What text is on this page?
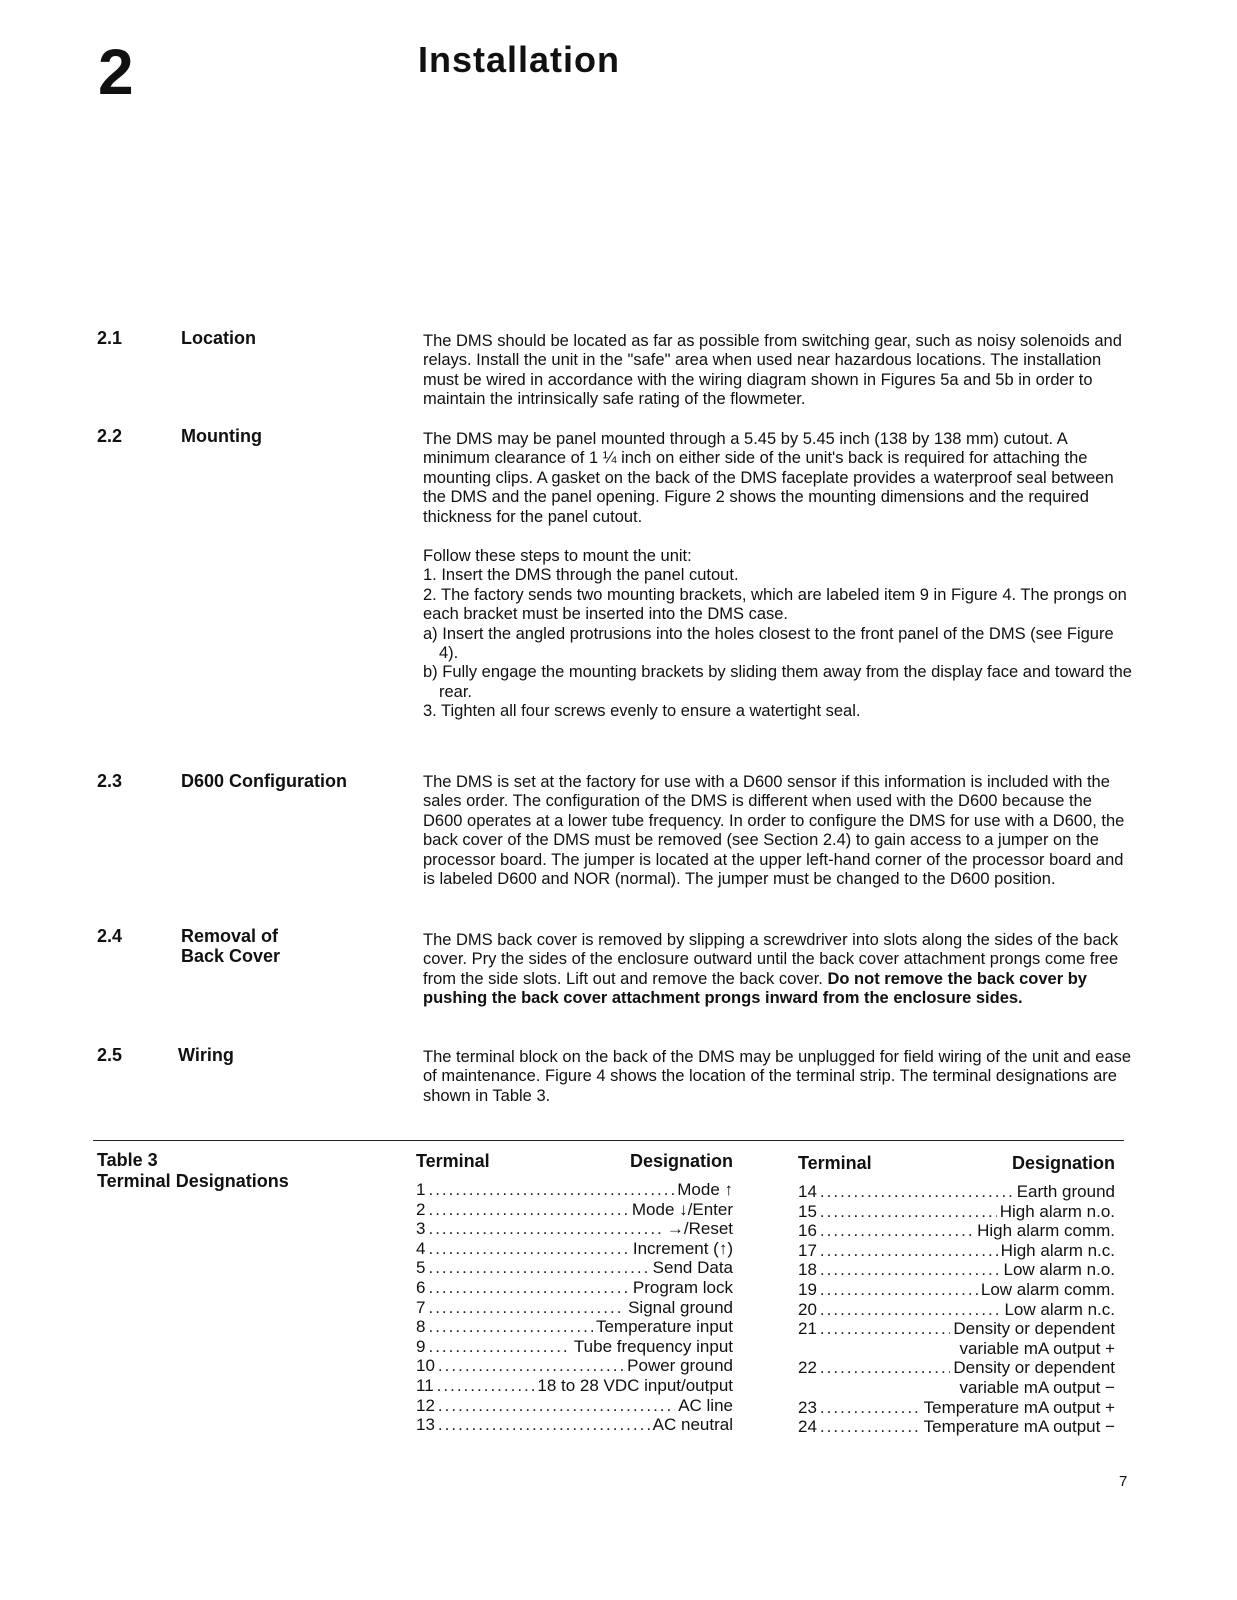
2	Installation
2.1	Location	The DMS should be located as far as possible from switching gear, such as noisy solenoids and relays. Install the unit in the "safe" area when used near hazardous locations. The installation must be wired in accordance with the wiring diagram shown in Figures 5a and 5b in order to maintain the intrinsically safe rating of the flowmeter.

2.2	Mounting	The DMS may be panel mounted through a 5.45 by 5.45 inch (138 by 138 mm) cutout. A minimum clearance of 1 ¼ inch on either side of the unit's back is required for attaching the mounting clips. A gasket on the back of the DMS faceplate provides a waterproof seal between the DMS and the panel opening. Figure 2 shows the mounting dimensions and the required thickness for the panel cutout.

Follow these steps to mount the unit:

1. Insert the DMS through the panel cutout.

2. The factory sends two mounting brackets, which are labeled item 9 in Figure 4. The prongs on each bracket must be inserted into the DMS case.

a) Insert the angled protrusions into the holes closest to the front panel of the DMS (see Figure 4).

b) Fully engage the mounting brackets by sliding them away from the display face and toward the rear.

3. Tighten all four screws evenly to ensure a watertight seal.

2.3	D600 Configuration	The DMS is set at the factory for use with a D600 sensor if this information is included with the sales order. The configuration of the DMS is different when used with the D600 because the D600 operates at a lower tube frequency. In order to configure the DMS for use with a D600, the back cover of the DMS must be removed (see Section 2.4) to gain access to a jumper on the processor board. The jumper is located at the upper left-hand corner of the processor board and is labeled D600 and NOR (normal). The jumper must be changed to the D600 position.

2.4	Removal of
Back Cover

The DMS back cover is removed by slipping a screwdriver into slots along the sides of the back cover. Pry the sides of the enclosure outward until the back cover attachment prongs come free from the side slots. Lift out and remove the back cover. Do not remove the back cover by pushing the back cover attachment prongs inward from the enclosure sides.

2.5	Wiring	The terminal block on the back of the DMS may be unplugged for field wiring of the unit and ease of maintenance. Figure 4 shows the location of the terminal strip. The terminal designations are shown in Table 3.

Table 3
Terminal Designations
Terminal	Designation
1 .....	Mode ↑
2 .....	Mode ↓/Enter
3 .....	→/Reset
4 .....	Increment (↑)
5 .....	Send Data
6 .....	Program lock
7 .....	Signal ground
8 .....	Temperature input
9 .....	Tube frequency input
10 .....	Power ground
11 .....	18 to 28 VDC input/output
12 .....	AC line
13 .....	AC neutral
Terminal	Designation
14 .....	Earth ground
15 .....	High alarm n.o.
16 .....	High alarm comm.
17 .....	High alarm n.c.
18 .....	Low alarm n.o.
19 .....	Low alarm comm.
20 .....	Low alarm n.c.
21 .....	Density or dependent
variable mA output +
22 .....	Density or dependent
variable mA output −
23 .....	Temperature mA output +
24 .....	Temperature mA output −
7
